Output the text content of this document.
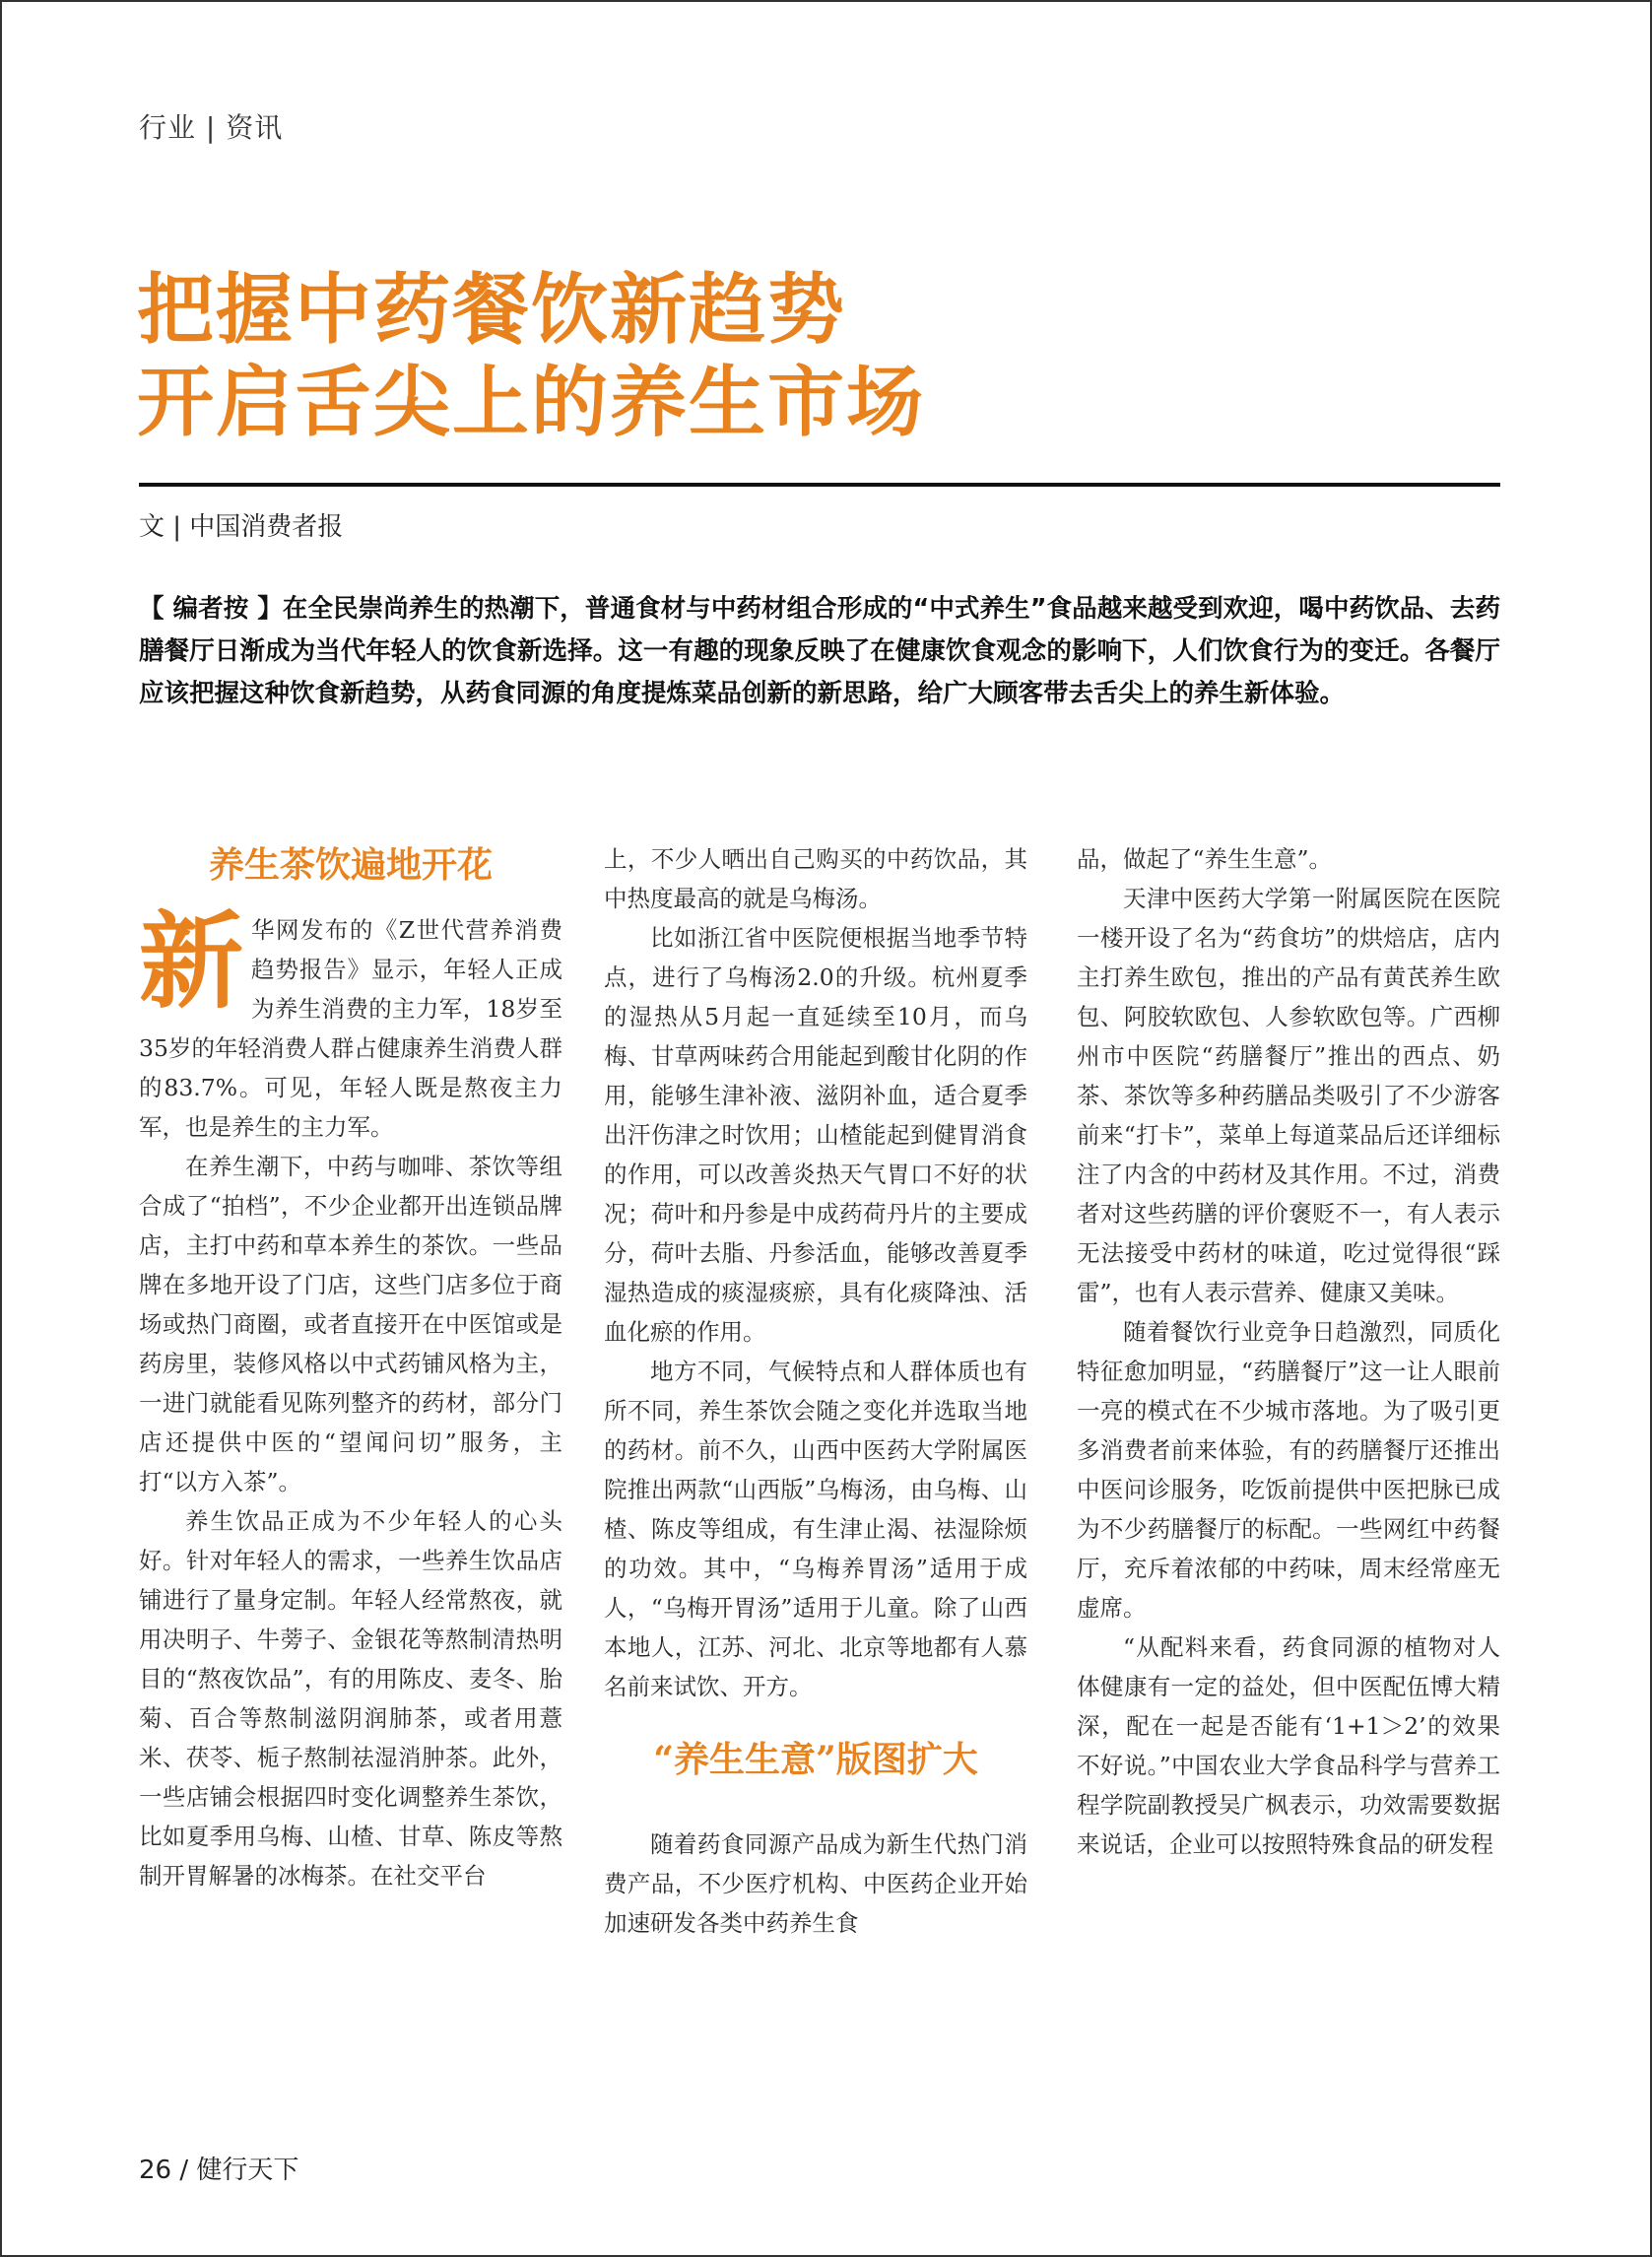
行业 | 资讯
把握中药餐饮新趋势
开启舌尖上的养生市场
文 | 中国消费者报

【 编者按 】在全民崇尚养生的热潮下，普通食材与中药材组合形成的“中式养生”食品越来越受到欢迎，喝中药饮品、去药膳餐厅日渐成为当代年轻人的饮食新选择。这一有趣的现象反映了在健康饮食观念的影响下，人们饮食行为的变迁。各餐厅应该把握这种饮食新趋势，从药食同源的角度提炼菜品创新的新思路，给广大顾客带去舌尖上的养生新体验。

养生茶饮遍地开花

新华网发布的《Z世代营养消费趋势报告》显示，年轻人正成为养生消费的主力军，18岁至35岁的年轻消费人群占健康养生消费人群的83.7%。可见，年轻人既是熬夜主力军，也是养生的主力军。

在养生潮下，中药与咖啡、茶饮等组合成了“拍档”，不少企业都开出连锁品牌店，主打中药和草本养生的茶饮。一些品牌在多地开设了门店，这些门店多位于商场或热门商圈，或者直接开在中医馆或是药房里，装修风格以中式药铺风格为主，一进门就能看见陈列整齐的药材，部分门店还提供中医的“望闻问切”服务，主打“以方入茶”。

养生饮品正成为不少年轻人的心头好。针对年轻人的需求，一些养生饮品店铺进行了量身定制。年轻人经常熬夜，就用决明子、牛蒡子、金银花等熬制清热明目的“熬夜饮品”，有的用陈皮、麦冬、胎菊、百合等熬制滋阴润肺茶，或者用薏米、茯苓、栀子熬制祛湿消肿茶。此外，一些店铺会根据四时变化调整养生茶饮，比如夏季用乌梅、山楂、甘草、陈皮等熬制开胃解暑的冰梅茶。在社交平台

上，不少人晒出自己购买的中药饮品，其中热度最高的就是乌梅汤。

比如浙江省中医院便根据当地季节特点，进行了乌梅汤2.0的升级。杭州夏季的湿热从5月起一直延续至10月，而乌梅、甘草两味药合用能起到酸甘化阴的作用，能够生津补液、滋阴补血，适合夏季出汗伤津之时饮用；山楂能起到健胃消食的作用，可以改善炎热天气胃口不好的状况；荷叶和丹参是中成药荷丹片的主要成分，荷叶去脂、丹参活血，能够改善夏季湿热造成的痰湿痰瘀，具有化痰降浊、活血化瘀的作用。

地方不同，气候特点和人群体质也有所不同，养生茶饮会随之变化并选取当地的药材。前不久，山西中医药大学附属医院推出两款“山西版”乌梅汤，由乌梅、山楂、陈皮等组成，有生津止渴、祛湿除烦的功效。其中，“乌梅养胃汤”适用于成人，“乌梅开胃汤”适用于儿童。除了山西本地人，江苏、河北、北京等地都有人慕名前来试饮、开方。

“养生生意”版图扩大

随着药食同源产品成为新生代热门消费产品，不少医疗机构、中医药企业开始加速研发各类中药养生食

品，做起了“养生生意”。

天津中医药大学第一附属医院在医院一楼开设了名为“药食坊”的烘焙店，店内主打养生欧包，推出的产品有黄芪养生欧包、阿胶软欧包、人参软欧包等。广西柳州市中医院“药膳餐厅”推出的西点、奶茶、茶饮等多种药膳品类吸引了不少游客前来“打卡”，菜单上每道菜品后还详细标注了内含的中药材及其作用。不过，消费者对这些药膳的评价褒贬不一，有人表示无法接受中药材的味道，吃过觉得很“踩雷”，也有人表示营养、健康又美味。

随着餐饮行业竞争日趋激烈，同质化特征愈加明显，“药膳餐厅”这一让人眼前一亮的模式在不少城市落地。为了吸引更多消费者前来体验，有的药膳餐厅还推出中医问诊服务，吃饭前提供中医把脉已成为不少药膳餐厅的标配。一些网红中药餐厅，充斥着浓郁的中药味，周末经常座无虚席。

“从配料来看，药食同源的植物对人体健康有一定的益处，但中医配伍博大精深，配在一起是否能有‘1+1＞2’的效果不好说。”中国农业大学食品科学与营养工程学院副教授吴广枫表示，功效需要数据来说话，企业可以按照特殊食品的研发程

26 / 健行天下
